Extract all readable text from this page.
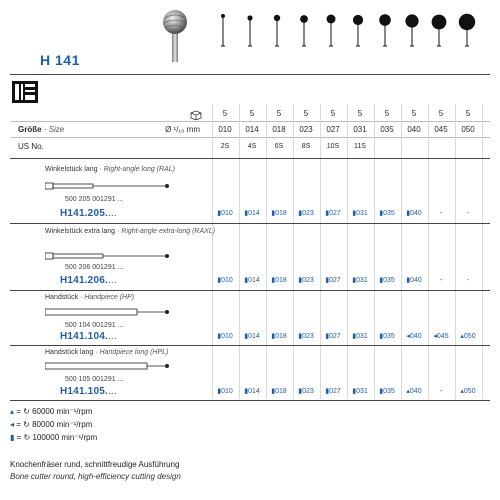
H 141
5	5	5	5	5	5	5	5	5	5
Größe · Size	Ø ¹/₁₀ mm	010	014	018	023	027	031	035	040	045	050
US No.	2S	4S	6S	8S	10S	11S
Winkelstück lang · Right-angle long (RAL)
500 205 001291 ...
H141.205....	▮010	▮014	▮018	▮023	▮027	▮031	▮035	▮040	-	-
Winkelstück extra lang · Right-angle extra-long (RAXL)
500 206 001291 ...
H141.206....	▮010	▮014	▮018	▮023	▮027	▮031	▮035	▮040	-	-
Handstück · Handpiece (HP)
500 104 001291 ...
H141.104....	▮010	▮014	▮018	▮023	▮027	▮031	▮035	◂040	◂045	▴050
Handstück lang · Handpiece long (HPL)
500 105 001291 ...
H141.105....	▮010	▮014	▮018	▮023	▮027	▮031	▮035	▴040	-	▴050
▴ = ↻ 60000 min⁻¹/rpm
◂ = ↻ 80000 min⁻¹/rpm
▮ = ↻ 100000 min⁻¹/rpm
Knochenfräser rund, schnittfreudige Ausführung
Bone cutter round, high-efficiency cutting design
